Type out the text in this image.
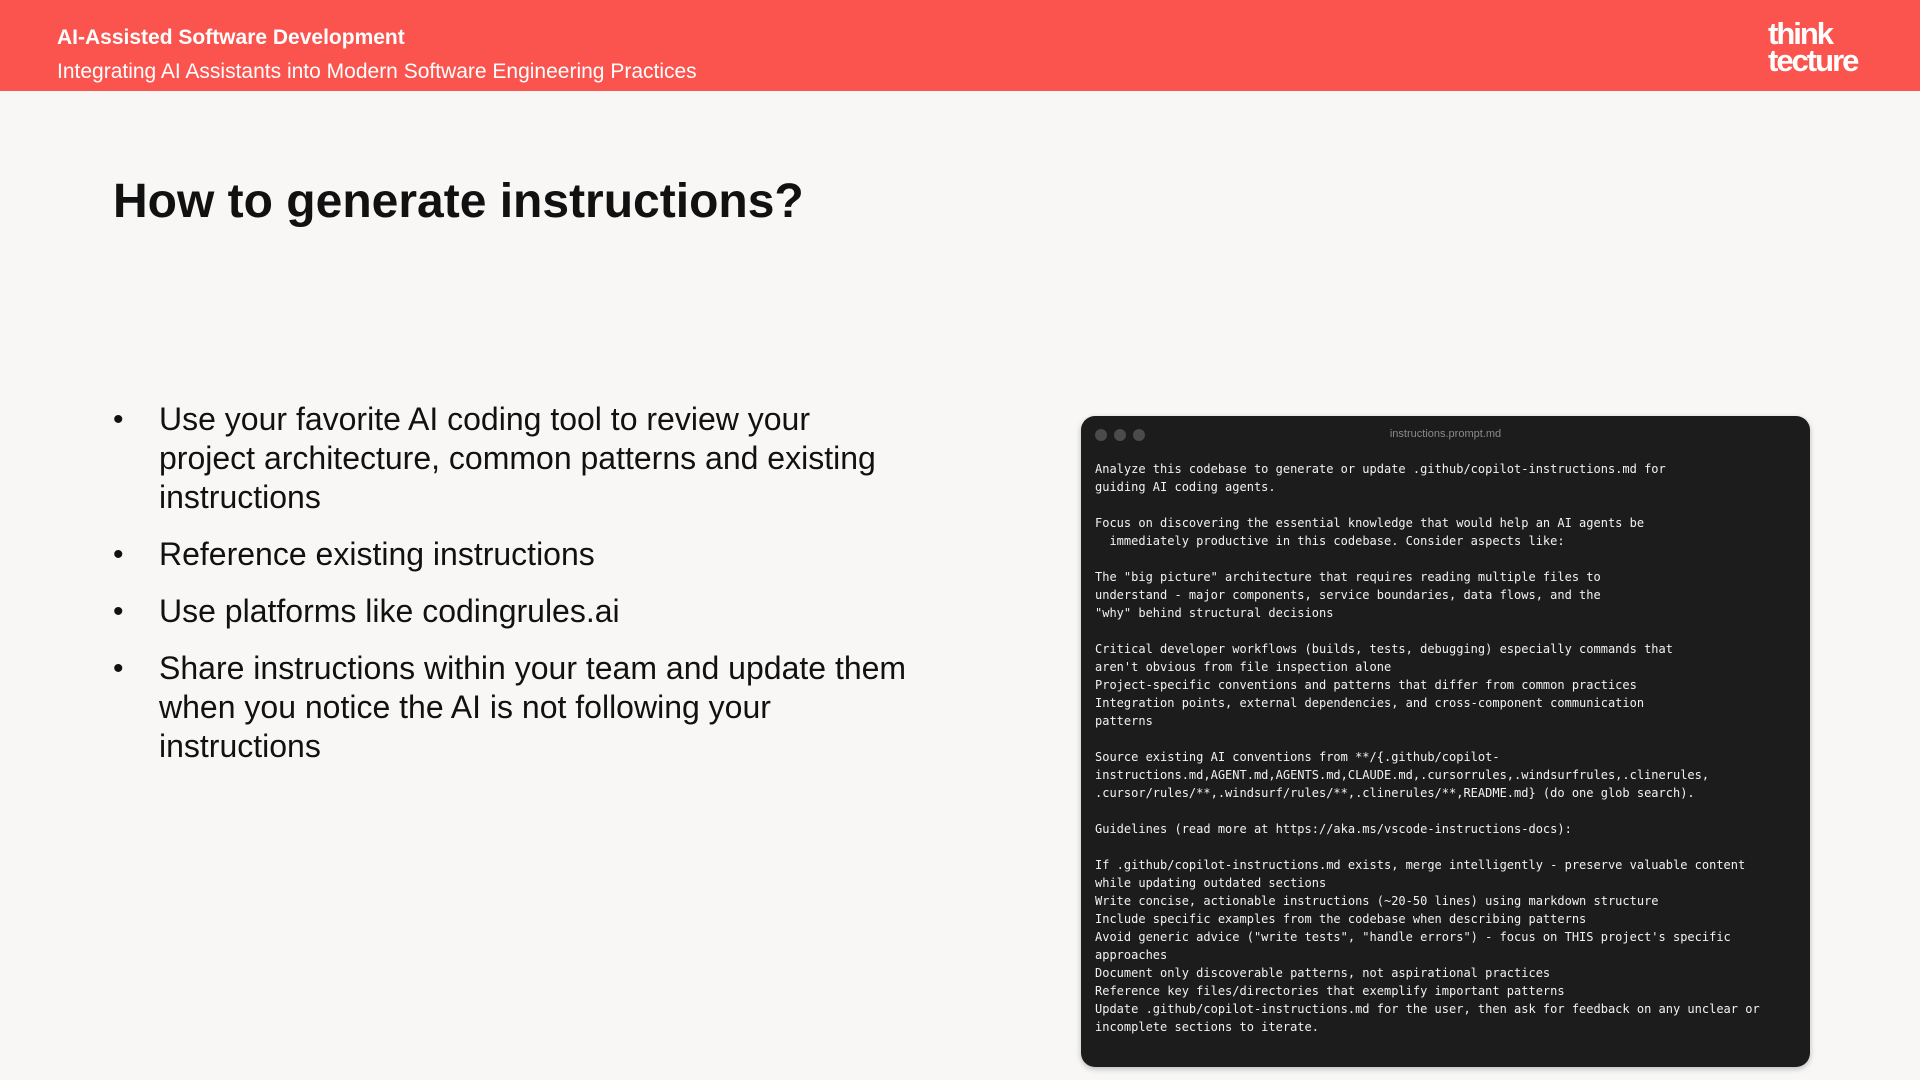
AI-Assisted Software Development
Integrating AI Assistants into Modern Software Engineering Practices
think
tecture
How to generate instructions?
• Use your favorite AI coding tool to review your project architecture, common patterns and existing instructions
• Reference existing instructions
• Use platforms like codingrules.ai
• Share instructions within your team and update them when you notice the AI is not following your instructions
instructions.prompt.md
Analyze this codebase to generate or update .github/copilot-instructions.md for
guiding AI coding agents.

Focus on discovering the essential knowledge that would help an AI agents be
immediately productive in this codebase. Consider aspects like:

The "big picture" architecture that requires reading multiple files to
understand - major components, service boundaries, data flows, and the
"why" behind structural decisions

Critical developer workflows (builds, tests, debugging) especially commands that
aren't obvious from file inspection alone
Project-specific conventions and patterns that differ from common practices
Integration points, external dependencies, and cross-component communication
patterns

Source existing AI conventions from **/{.github/copilot-
instructions.md,AGENT.md,AGENTS.md,CLAUDE.md,.cursorrules,.windsurfrules,.clinerules,
.cursor/rules/**,.windsurf/rules/**,.clinerules/**,README.md} (do one glob search).

Guidelines (read more at https://aka.ms/vscode-instructions-docs):

If .github/copilot-instructions.md exists, merge intelligently - preserve valuable content
while updating outdated sections
Write concise, actionable instructions (~20-50 lines) using markdown structure
Include specific examples from the codebase when describing patterns
Avoid generic advice ("write tests", "handle errors") - focus on THIS project's specific
approaches
Document only discoverable patterns, not aspirational practices
Reference key files/directories that exemplify important patterns
Update .github/copilot-instructions.md for the user, then ask for feedback on any unclear or
incomplete sections to iterate.
